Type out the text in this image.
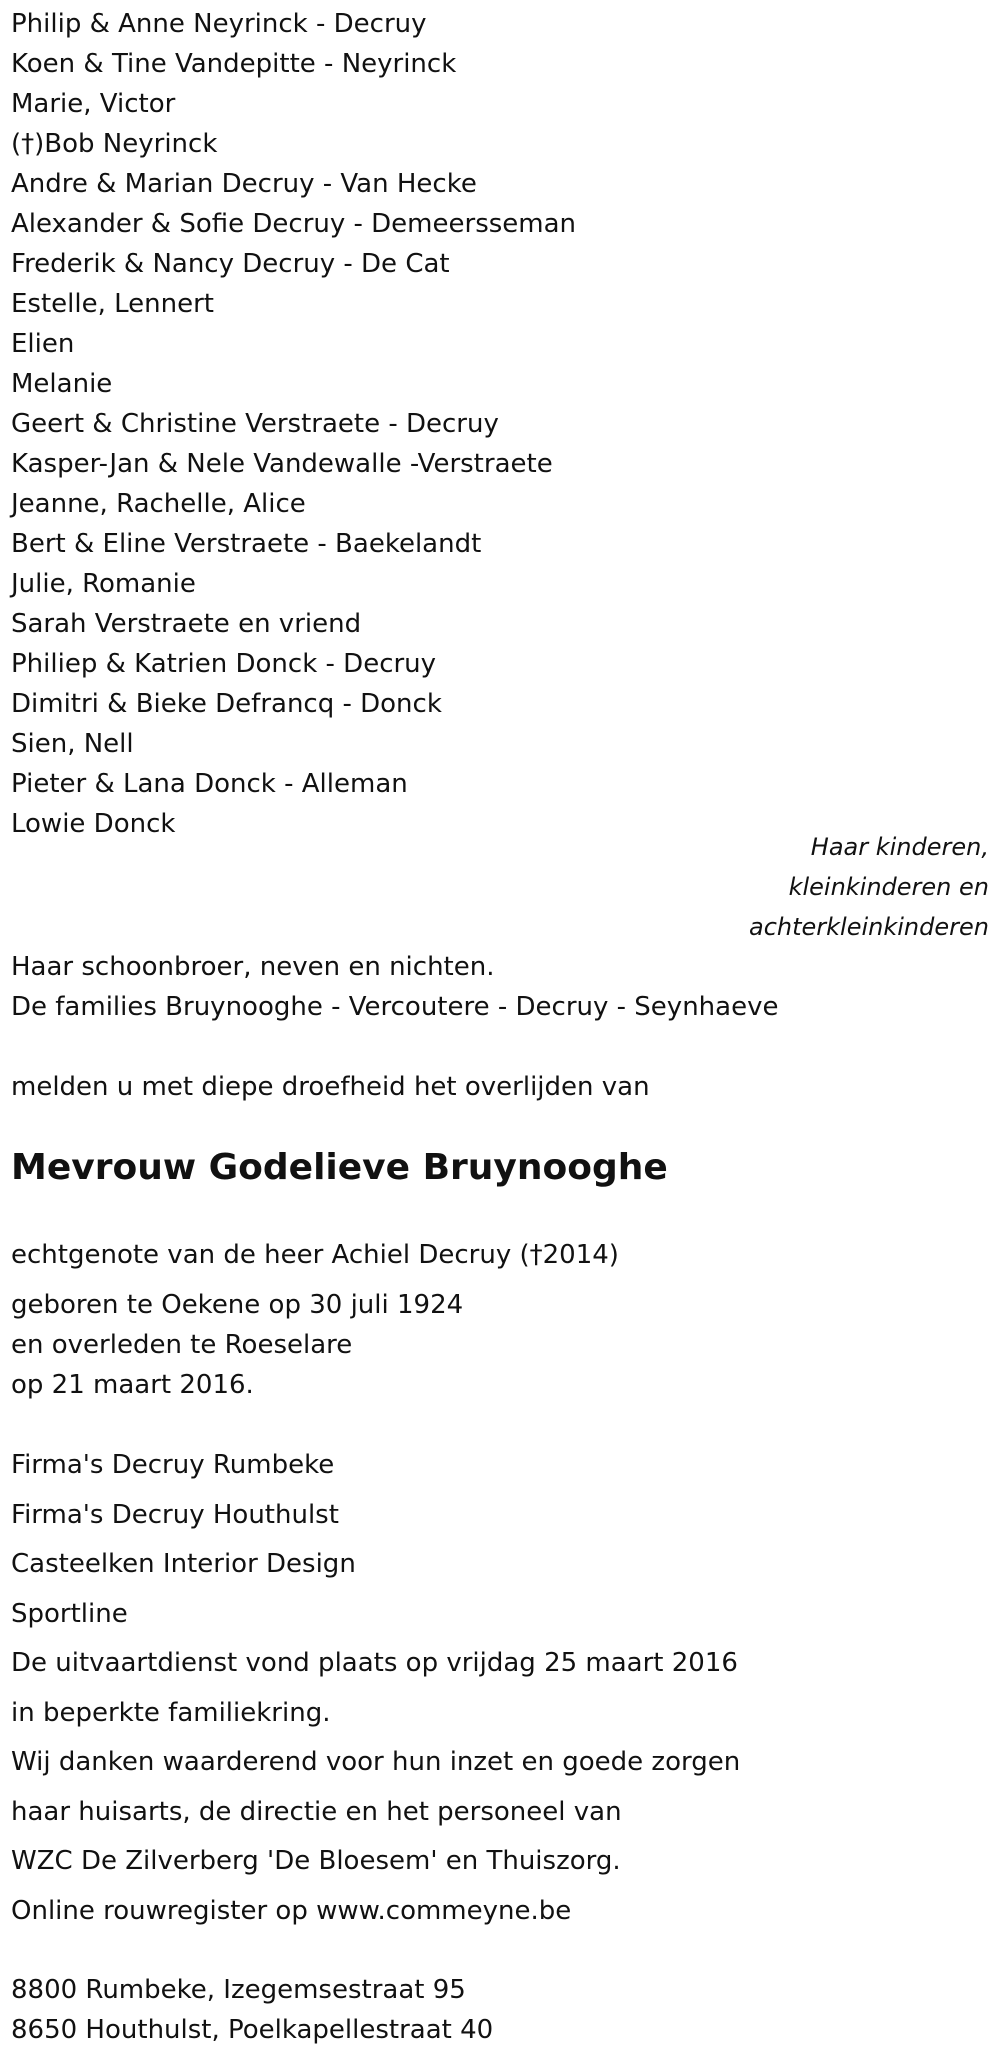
Philip & Anne Neyrinck - Decruy
Koen & Tine Vandepitte - Neyrinck
Marie, Victor
(†)Bob Neyrinck
Andre & Marian Decruy - Van Hecke
Alexander & Sofie Decruy - Demeersseman
Frederik & Nancy Decruy - De Cat
Estelle, Lennert
Elien
Melanie
Geert & Christine Verstraete - Decruy
Kasper-Jan & Nele Vandewalle -Verstraete
Jeanne, Rachelle, Alice
Bert & Eline Verstraete - Baekelandt
Julie, Romanie
Sarah Verstraete en vriend
Philiep & Katrien Donck - Decruy
Dimitri & Bieke Defrancq - Donck
Sien, Nell
Pieter & Lana Donck - Alleman
Lowie Donck
Haar kinderen,
kleinkinderen en
achterkleinkinderen
Haar schoonbroer, neven en nichten.
De families Bruynooghe - Vercoutere - Decruy - Seynhaeve
melden u met diepe droefheid het overlijden van
Mevrouw Godelieve Bruynooghe
echtgenote van de heer Achiel Decruy (†2014)
geboren te Oekene op 30 juli 1924
en overleden te Roeselare
op 21 maart 2016.
Firma's Decruy Rumbeke
Firma's Decruy Houthulst
Casteelken Interior Design
Sportline
De uitvaartdienst vond plaats op vrijdag 25 maart 2016
in beperkte familiekring.
Wij danken waarderend voor hun inzet en goede zorgen
haar huisarts, de directie en het personeel van
WZC De Zilverberg 'De Bloesem' en Thuiszorg.
Online rouwregister op www.commeyne.be
8800 Rumbeke, Izegemsestraat 95
8650 Houthulst, Poelkapellestraat 40
